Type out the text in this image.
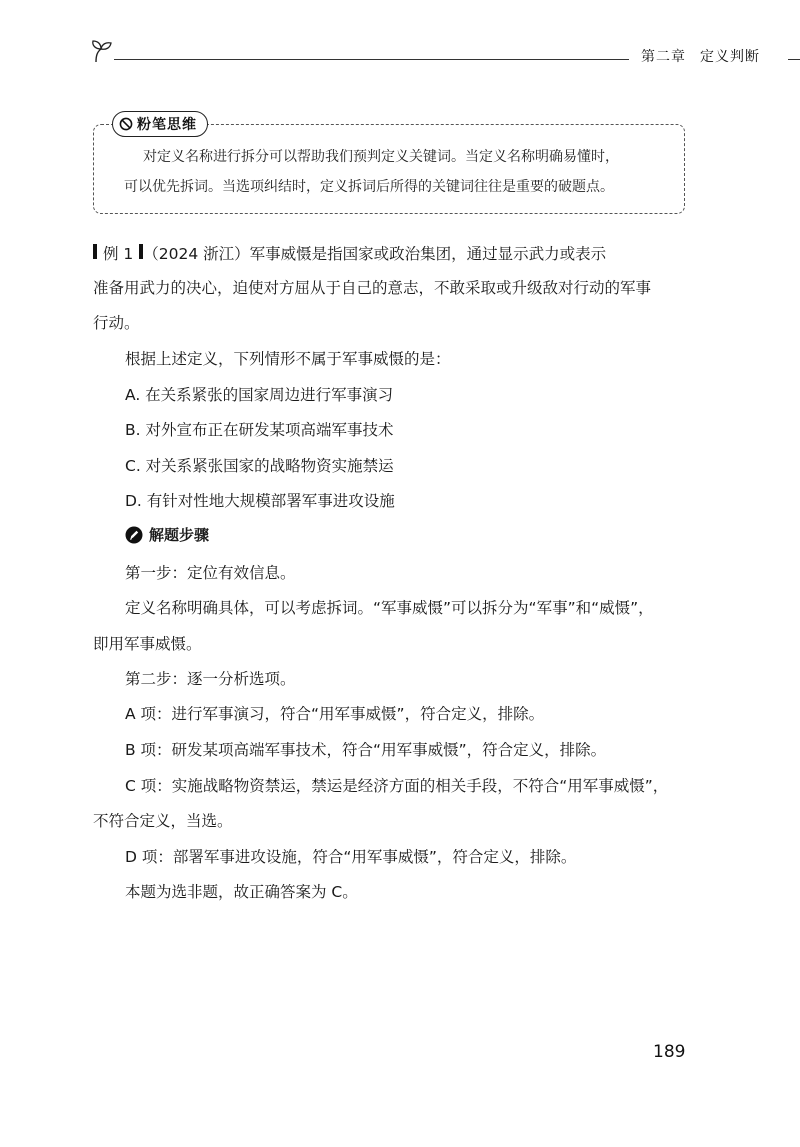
第二章 定义判断
粉笔思维
对定义名称进行拆分可以帮助我们预判定义关键词。当定义名称明确易懂时，
可以优先拆词。当选项纠结时，定义拆词后所得的关键词往往是重要的破题点。
例 1 （2024 浙江）军事威慑是指国家或政治集团，通过显示武力或表示
准备用武力的决心，迫使对方屈从于自己的意志，不敢采取或升级敌对行动的军事
行动。
根据上述定义，下列情形不属于军事威慑的是：
A. 在关系紧张的国家周边进行军事演习
B. 对外宣布正在研发某项高端军事技术
C. 对关系紧张国家的战略物资实施禁运
D. 有针对性地大规模部署军事进攻设施
解题步骤
第一步：定位有效信息。
定义名称明确具体，可以考虑拆词。“军事威慑”可以拆分为“军事”和“威慑”，
即用军事威慑。
第二步：逐一分析选项。
A 项：进行军事演习，符合“用军事威慑”，符合定义，排除。
B 项：研发某项高端军事技术，符合“用军事威慑”，符合定义，排除。
C 项：实施战略物资禁运，禁运是经济方面的相关手段，不符合“用军事威慑”，
不符合定义，当选。
D 项：部署军事进攻设施，符合“用军事威慑”，符合定义，排除。
本题为选非题，故正确答案为 C。
189
